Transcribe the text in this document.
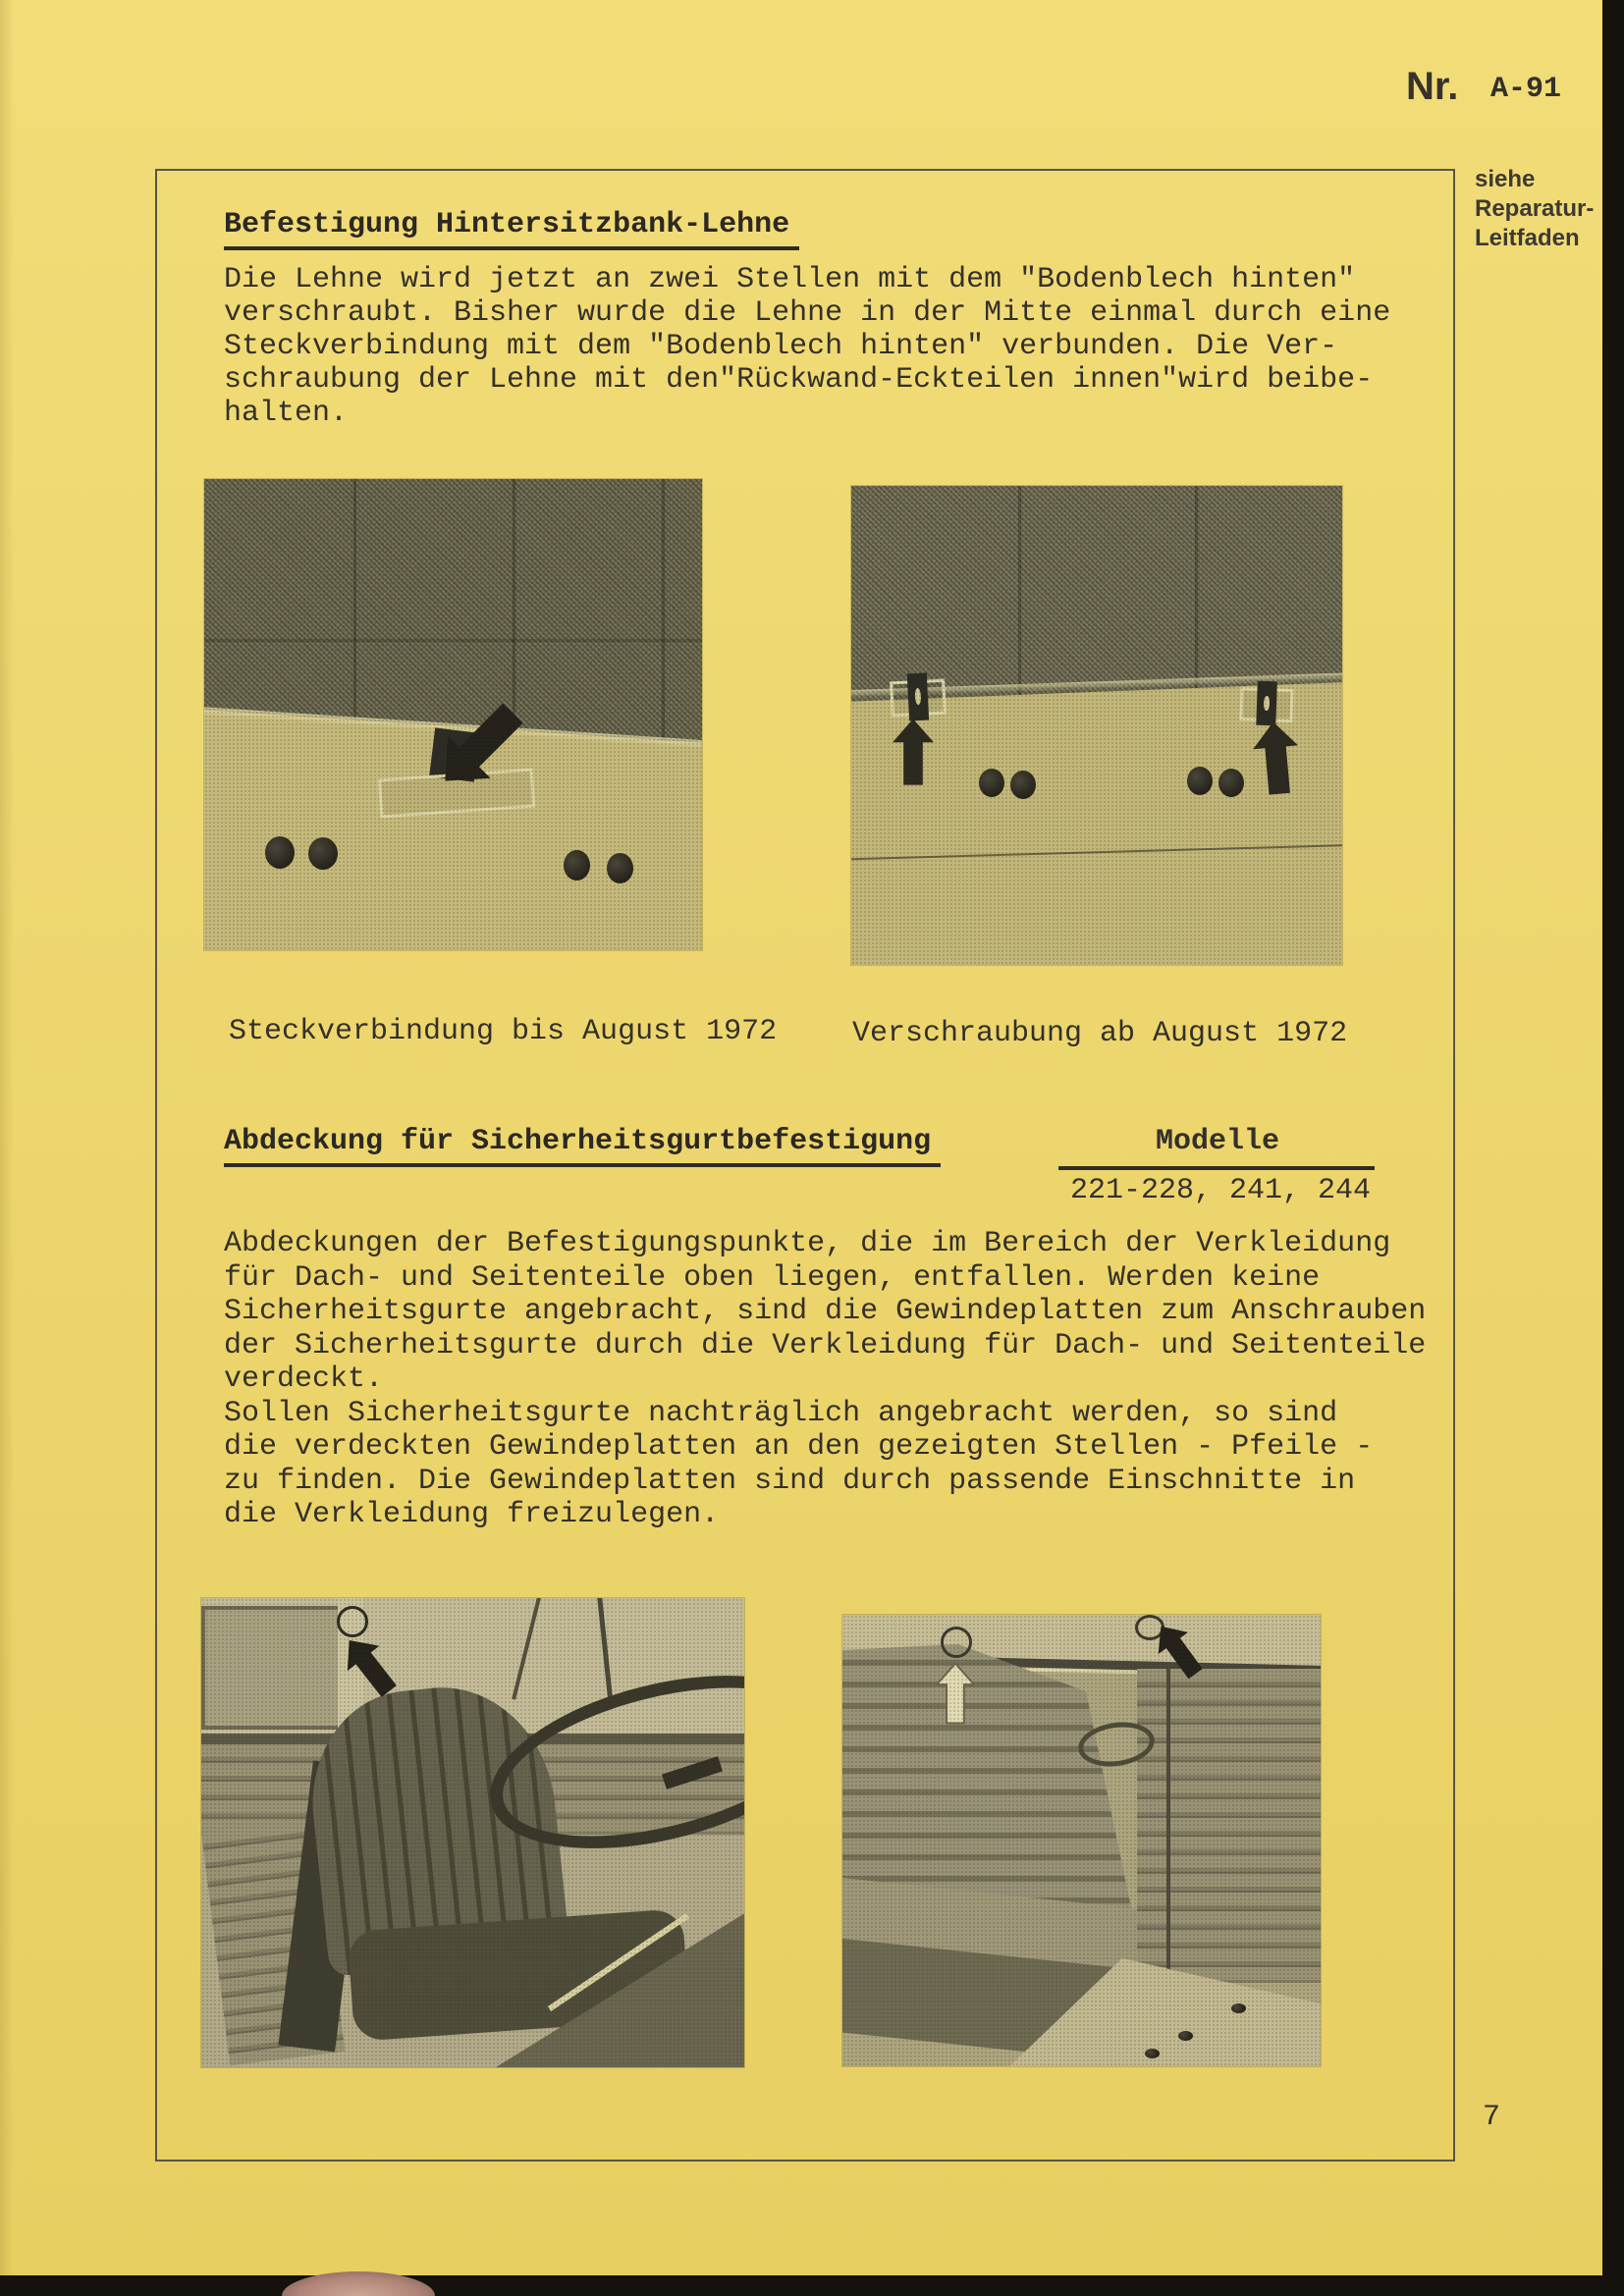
Nr. A-91
siehe
Reparatur-
Leitfaden
Befestigung Hintersitzbank-Lehne
Die Lehne wird jetzt an zwei Stellen mit dem "Bodenblech hinten"
verschraubt. Bisher wurde die Lehne in der Mitte einmal durch eine
Steckverbindung mit dem "Bodenblech hinten" verbunden. Die Ver-
schraubung der Lehne mit den"Rückwand-Eckteilen innen"wird beibe-
halten.
Steckverbindung bis August 1972	Verschraubung ab August 1972
Abdeckung für Sicherheitsgurtbefestigung	Modelle
221-228, 241, 244
Abdeckungen der Befestigungspunkte, die im Bereich der Verkleidung
für Dach- und Seitenteile oben liegen, entfallen. Werden keine
Sicherheitsgurte angebracht, sind die Gewindeplatten zum Anschrauben
der Sicherheitsgurte durch die Verkleidung für Dach- und Seitenteile
verdeckt.
Sollen Sicherheitsgurte nachträglich angebracht werden, so sind
die verdeckten Gewindeplatten an den gezeigten Stellen - Pfeile -
zu finden. Die Gewindeplatten sind durch passende Einschnitte in
die Verkleidung freizulegen.
7
